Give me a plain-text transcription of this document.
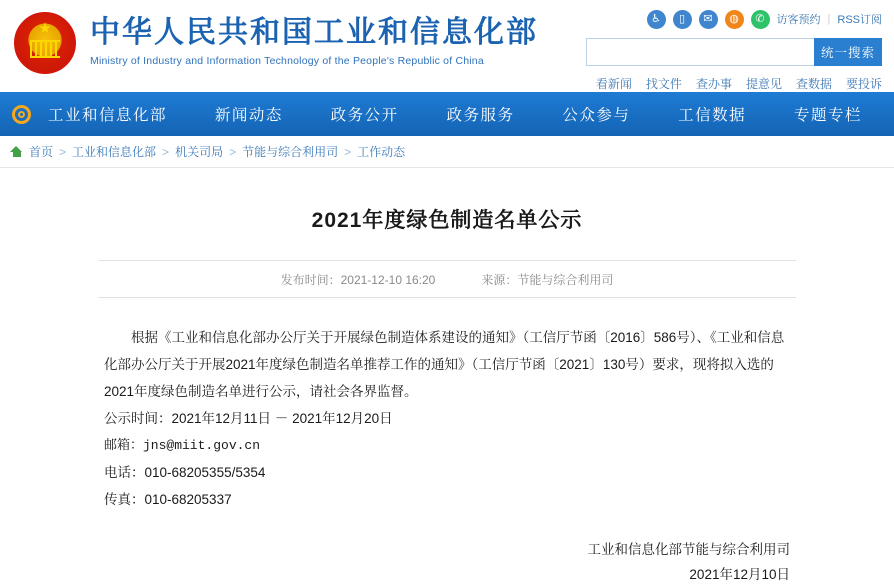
★
中华人民共和国工业和信息化部
Ministry of Industry and Information Technology of the People's Republic of China
♿	▯	✉	◍	✆	访客预约 | RSS订阅
统一搜索
看新闻 找文件 查办事 提意见 查数据 要投诉
工业和信息化部	新闻动态	政务公开	政务服务	公众参与	工信数据	专题专栏
首页 > 工业和信息化部 > 机关司局 > 节能与综合利用司 > 工作动态
2021年度绿色制造名单公示
发布时间：2021-12-10 16:20	来源：节能与综合利用司

根据《工业和信息化部办公厅关于开展绿色制造体系建设的通知》（工信厅节函〔2016〕586号）、《工业和信息化部办公厅关于开展2021年度绿色制造名单推荐工作的通知》（工信厅节函〔2021〕130号）要求，现将拟入选的2021年度绿色制造名单进行公示，请社会各界监督。

公示时间：2021年12月11日 － 2021年12月20日

邮箱：jns@miit.gov.cn

电话：010-68205355/5354

传真：010-68205337

工业和信息化部节能与综合利用司
2021年12月10日
